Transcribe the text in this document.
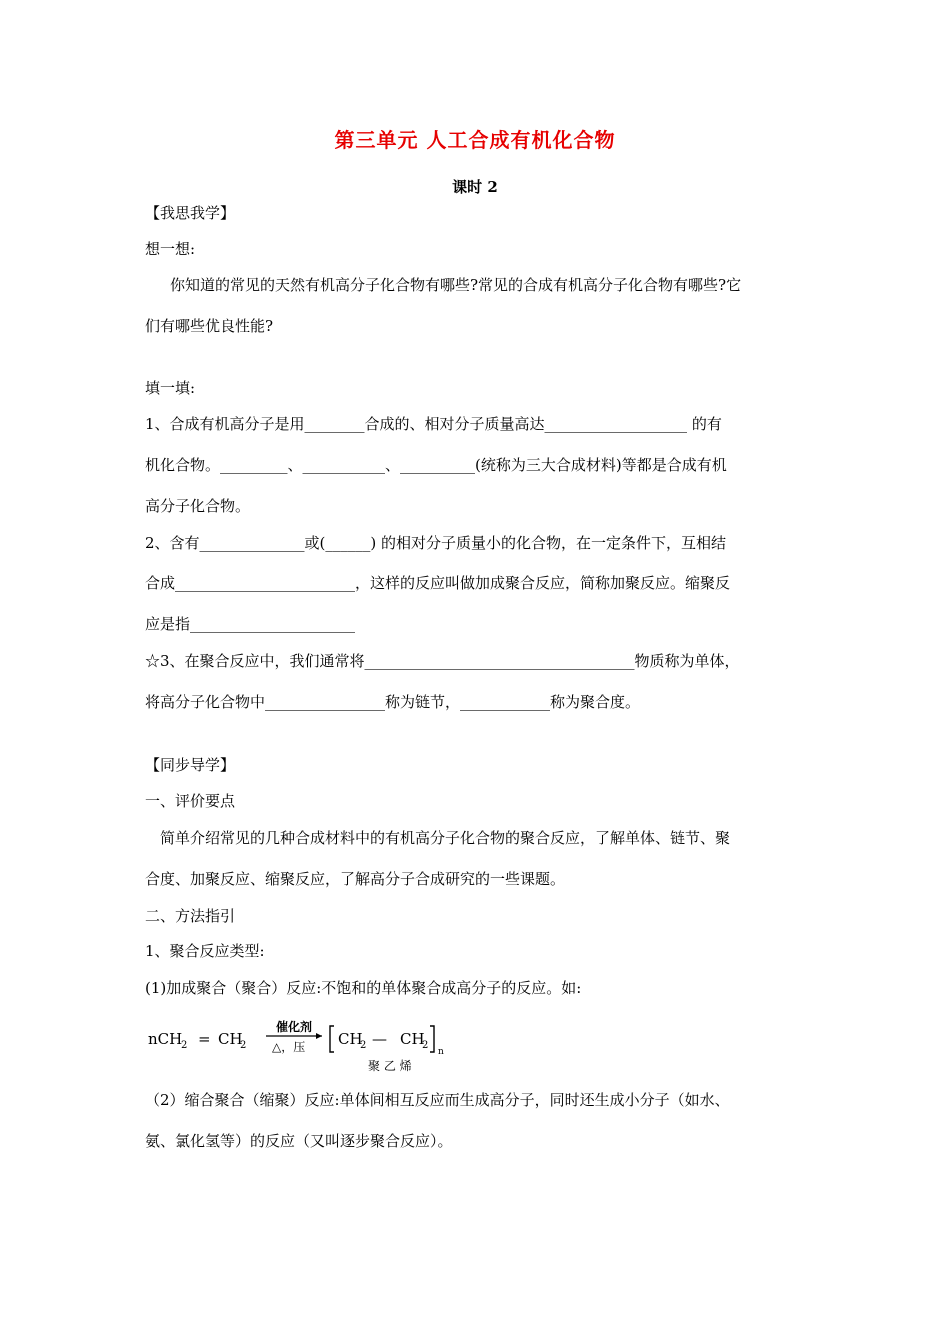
第三单元 人工合成有机化合物
课时 2
【我思我学】
想一想:
你知道的常见的天然有机高分子化合物有哪些?常见的合成有机高分子化合物有哪些?它
们有哪些优良性能?
填一填:
1、合成有机高分子是用________合成的、相对分子质量高达___________________ 的有
机化合物。_________、___________、__________(统称为三大合成材料)等都是合成有机
高分子化合物。
2、含有______________或(______) 的相对分子质量小的化合物，在一定条件下，互相结
合成________________________，这样的反应叫做加成聚合反应，简称加聚反应。缩聚反
应是指______________________
☆3、在聚合反应中，我们通常将____________________________________物质称为单体，
将高分子化合物中________________称为链节，____________称为聚合度。
【同步导学】
一、评价要点
简单介绍常见的几种合成材料中的有机高分子化合物的聚合反应，了解单体、链节、聚
合度、加聚反应、缩聚反应，了解高分子合成研究的一些课题。
二、方法指引
1、聚合反应类型:
(1)加成聚合（聚合）反应:不饱和的单体聚合成高分子的反应。如:
nCH
2 = CH
2
催化剂
△，压 CH
2 — CH
2
n
聚 乙 烯
（2）缩合聚合（缩聚）反应:单体间相互反应而生成高分子，同时还生成小分子（如水、
氨、氯化氢等）的反应（又叫逐步聚合反应）。
